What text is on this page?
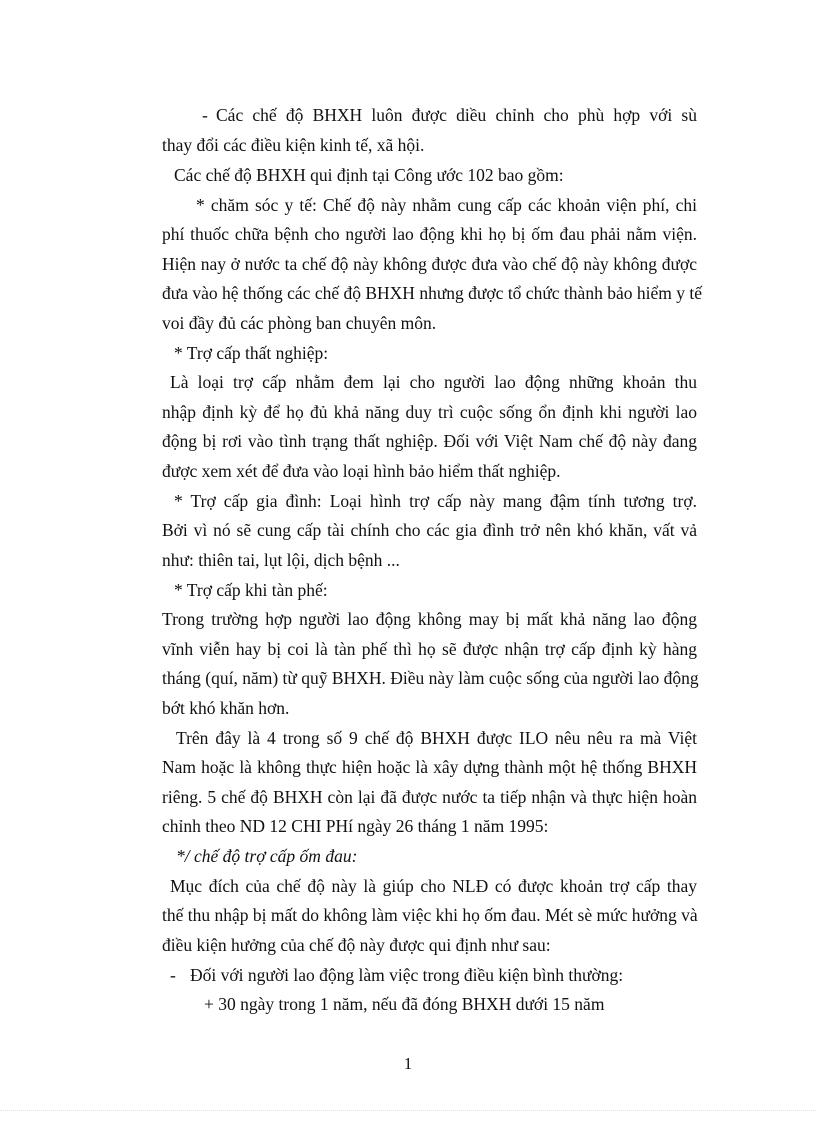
- Các chế độ BHXH luôn được diều chỉnh cho phù hợp với sù
thay đổi các điều kiện kinh tế, xã hội.
Các chế độ BHXH qui định tại Công ước 102 bao gồm:
* chăm sóc y tế: Chế độ này nhằm cung cấp các khoản viện phí, chi
phí thuốc chữa bệnh cho người lao động khi họ bị ốm đau phải nằm viện.
Hiện nay ở nước ta chế độ này không được đưa vào chế độ này không được
đưa vào hệ thống các chế độ BHXH nhưng được tổ chức thành bảo hiểm y tế
voi đầy đủ các phòng ban chuyên môn.
* Trợ cấp thất nghiệp:
Là loại trợ cấp nhằm đem lại cho người lao động những khoản thu
nhập định kỳ để họ đủ khả năng duy trì cuộc sống ổn định khi người lao
động bị rơi vào tình trạng thất nghiệp. Đối với Việt Nam chế độ này đang
được xem xét để đưa vào loại hình bảo hiểm thất nghiệp.
* Trợ cấp gia đình: Loại hình trợ cấp này mang đậm tính tương trợ.
Bởi vì nó sẽ cung cấp tài chính cho các gia đình trở nên khó khăn, vất vả
như: thiên tai, lụt lội, dịch bệnh ...
* Trợ cấp khi tàn phế:
Trong trường hợp người lao động không may bị mất khả năng lao động
vĩnh viễn hay bị coi là tàn phế thì họ sẽ được nhận trợ cấp định kỳ hàng
tháng (quí, năm) từ quỹ BHXH. Điều này làm cuộc sống của người lao động
bớt khó khăn hơn.
Trên đây là 4 trong số 9 chế độ BHXH được ILO nêu nêu ra mà Việt
Nam hoặc là không thực hiện hoặc là xây dựng thành một hệ thống BHXH
riêng. 5 chế độ BHXH còn lại đã được nước ta tiếp nhận và thực hiện hoàn
chỉnh theo ND 12 CHI PHí ngày 26 tháng 1 năm 1995:
*/ chế độ trợ cấp ốm đau:
Mục đích của chế độ này là giúp cho NLĐ có được khoản trợ cấp thay
thế thu nhập bị mất do không làm việc khi họ ốm đau. Mét sè mức hưởng và
điều kiện hưởng của chế độ này được qui định như sau:
- Đối với người lao động làm việc trong điều kiện bình thường:
+ 30 ngày trong 1 năm, nếu đã đóng BHXH dưới 15 năm
1
